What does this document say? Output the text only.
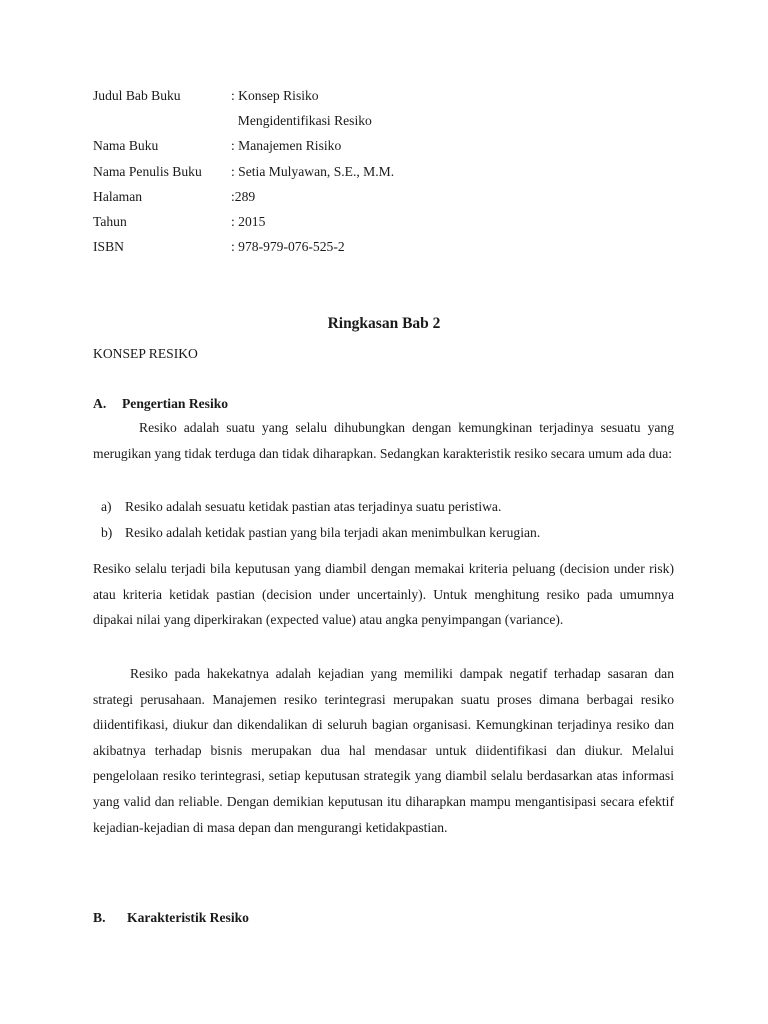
Judul Bab Buku	: Konsep Risiko
Mengidentifikasi Resiko
Nama Buku	: Manajemen Risiko
Nama Penulis Buku : Setia Mulyawan, S.E., M.M.
Halaman	:289
Tahun	: 2015
ISBN	: 978-979-076-525-2
Ringkasan Bab 2
KONSEP RESIKO
A. Pengertian Resiko

Resiko adalah suatu yang selalu dihubungkan dengan kemungkinan terjadinya sesuatu yang merugikan yang tidak terduga dan tidak diharapkan. Sedangkan karakteristik resiko secara umum ada dua:

a) Resiko adalah sesuatu ketidak pastian atas terjadinya suatu peristiwa.
b) Resiko adalah ketidak pastian yang bila terjadi akan menimbulkan kerugian.

Resiko selalu terjadi bila keputusan yang diambil dengan memakai kriteria peluang (decision under risk) atau kriteria ketidak pastian (decision under uncertainly). Untuk menghitung resiko pada umumnya dipakai nilai yang diperkirakan (expected value) atau angka penyimpangan (variance).

Resiko pada hakekatnya adalah kejadian yang memiliki dampak negatif terhadap sasaran dan strategi perusahaan. Manajemen resiko terintegrasi merupakan suatu proses dimana berbagai resiko diidentifikasi, diukur dan dikendalikan di seluruh bagian organisasi. Kemungkinan terjadinya resiko dan akibatnya terhadap bisnis merupakan dua hal mendasar untuk diidentifikasi dan diukur. Melalui pengelolaan resiko terintegrasi, setiap keputusan strategik yang diambil selalu berdasarkan atas informasi yang valid dan reliable. Dengan demikian keputusan itu diharapkan mampu mengantisipasi secara efektif kejadian-kejadian di masa depan dan mengurangi ketidakpastian.

B. Karakteristik Resiko
